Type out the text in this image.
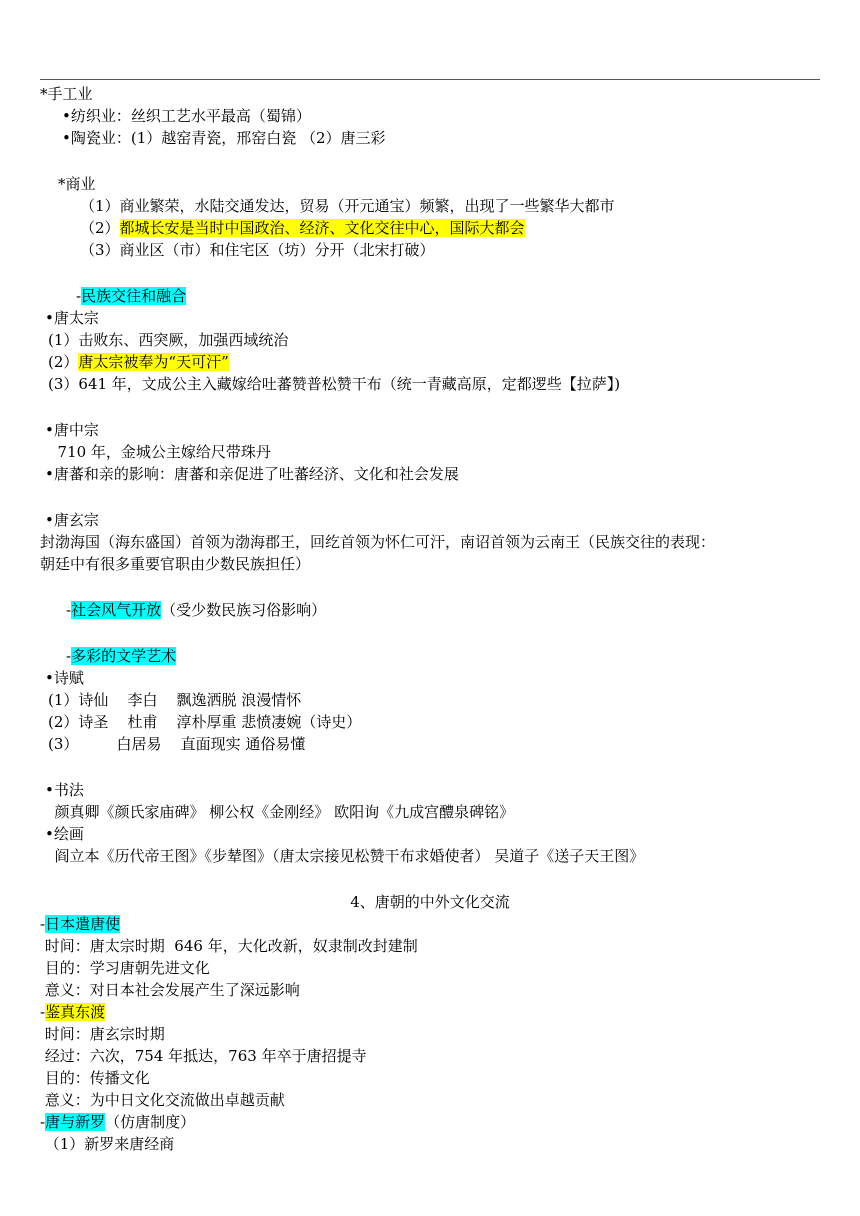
*手工业
•纺织业：丝织工艺水平最高（蜀锦）
•陶瓷业：(1）越窑青瓷，邢窑白瓷 （2）唐三彩
*商业
（1）商业繁荣，水陆交通发达，贸易（开元通宝）频繁，出现了一些繁华大都市
（2）都城长安是当时中国政治、经济、文化交往中心，国际大都会
（3）商业区（市）和住宅区（坊）分开（北宋打破）
-民族交往和融合
•唐太宗
(1）击败东、西突厥，加强西域统治
(2）唐太宗被奉为“天可汗”
(3）641 年，文成公主入藏嫁给吐蕃赞普松赞干布（统一青藏高原，定都逻些【拉萨】)
•唐中宗
710 年，金城公主嫁给尺带珠丹
•唐蕃和亲的影响：唐蕃和亲促进了吐蕃经济、文化和社会发展
•唐玄宗
封渤海国（海东盛国）首领为渤海郡王，回纥首领为怀仁可汗，南诏首领为云南王（民族交往的表现：
朝廷中有很多重要官职由少数民族担任）
-社会风气开放（受少数民族习俗影响）
-多彩的文学艺术
•诗赋
(1）诗仙    李白    飘逸洒脱 浪漫情怀
(2）诗圣    杜甫    淳朴厚重 悲愤凄婉（诗史）
(3）        白居易    直面现实 通俗易懂
•书法
颜真卿《颜氏家庙碑》 柳公权《金刚经》 欧阳询《九成宫醴泉碑铭》
•绘画
阎立本《历代帝王图》《步辇图》（唐太宗接见松赞干布求婚使者） 吴道子《送子天王图》
4、唐朝的中外文化交流
-日本遣唐使
时间：唐太宗时期  646 年，大化改新，奴隶制改封建制
目的：学习唐朝先进文化
意义：对日本社会发展产生了深远影响
-鉴真东渡
时间：唐玄宗时期
经过：六次，754 年抵达，763 年卒于唐招提寺
目的：传播文化
意义：为中日文化交流做出卓越贡献
-唐与新罗（仿唐制度）
（1）新罗来唐经商
